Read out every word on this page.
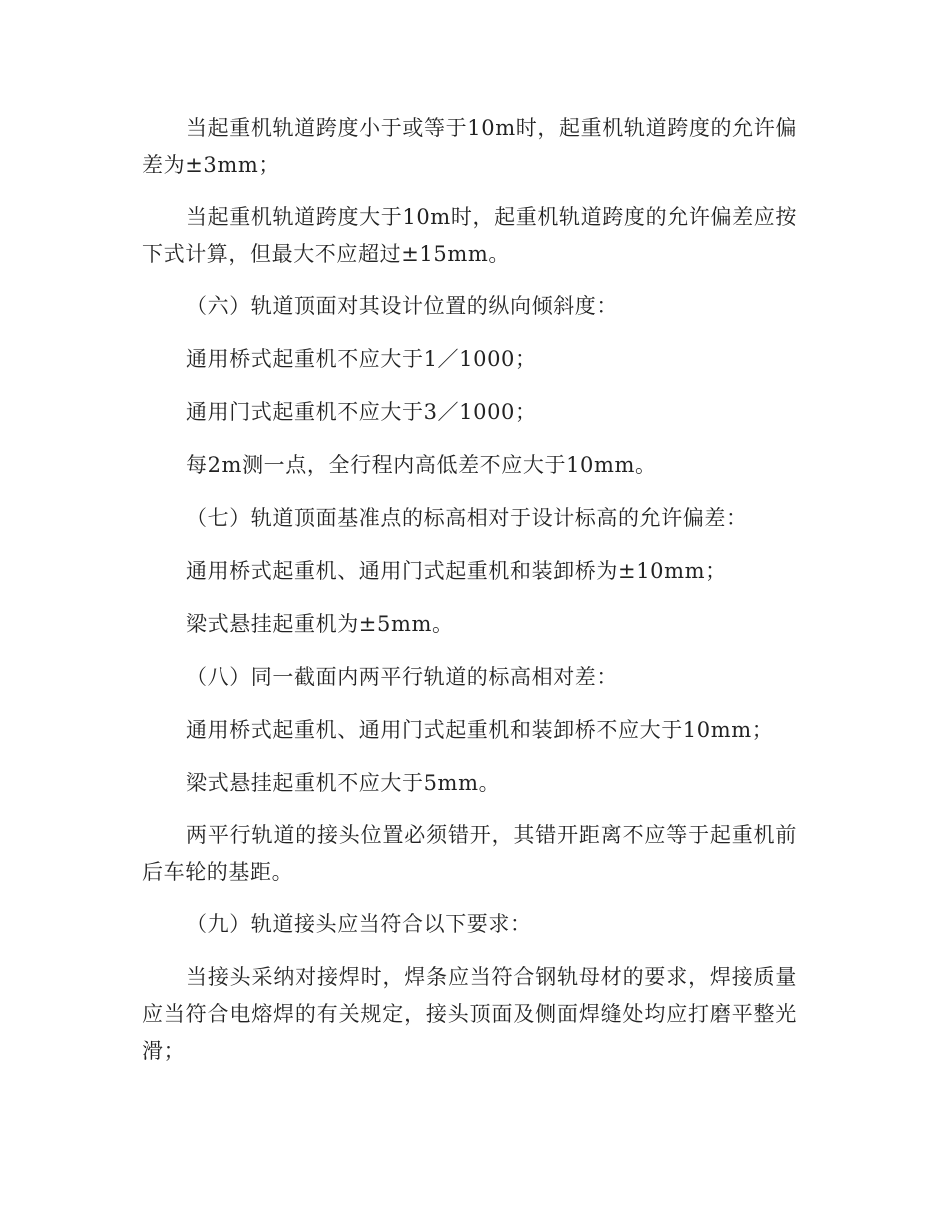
当起重机轨道跨度小于或等于10m时，起重机轨道跨度的允许偏差为±3mm；

当起重机轨道跨度大于10m时，起重机轨道跨度的允许偏差应按下式计算，但最大不应超过±15mm。

（六）轨道顶面对其设计位置的纵向倾斜度：

通用桥式起重机不应大于1／1000；

通用门式起重机不应大于3／1000；

每2m测一点，全行程内高低差不应大于10mm。

（七）轨道顶面基准点的标高相对于设计标高的允许偏差：

通用桥式起重机、通用门式起重机和装卸桥为±10mm；

梁式悬挂起重机为±5mm。

（八）同一截面内两平行轨道的标高相对差：

通用桥式起重机、通用门式起重机和装卸桥不应大于10mm；

梁式悬挂起重机不应大于5mm。

两平行轨道的接头位置必须错开，其错开距离不应等于起重机前后车轮的基距。

（九）轨道接头应当符合以下要求：

当接头采纳对接焊时，焊条应当符合钢轨母材的要求，焊接质量应当符合电熔焊的有关规定，接头顶面及侧面焊缝处均应打磨平整光滑；
